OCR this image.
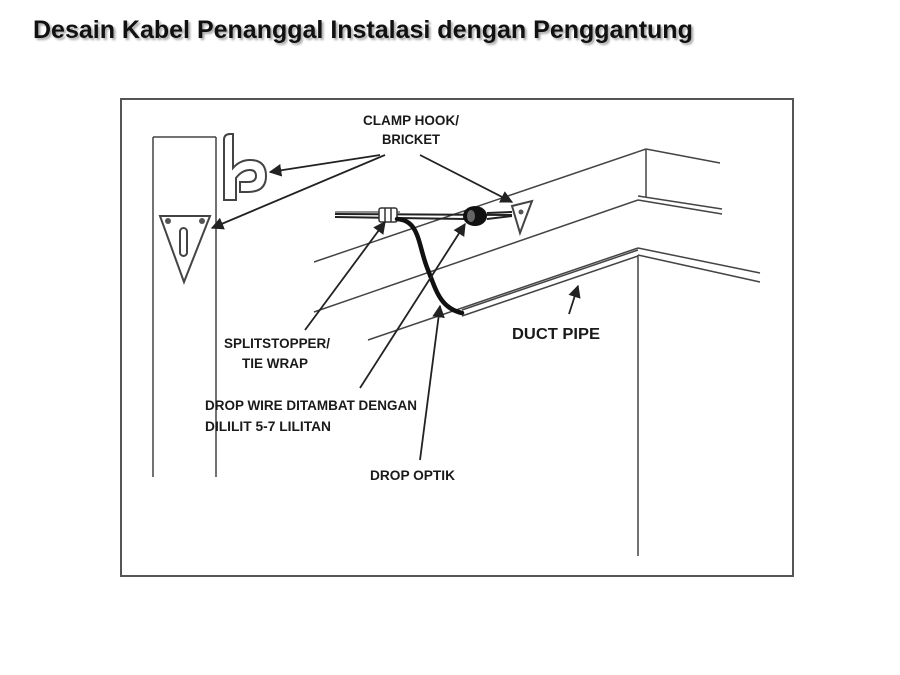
Desain Kabel Penanggal Instalasi dengan Penggantung
CLAMP HOOK/
BRICKET
SPLITSTOPPER/
TIE WRAP
DROP WIRE DITAMBAT DENGAN
DILILIT 5-7 LILITAN
DROP OPTIK
DUCT PIPE
